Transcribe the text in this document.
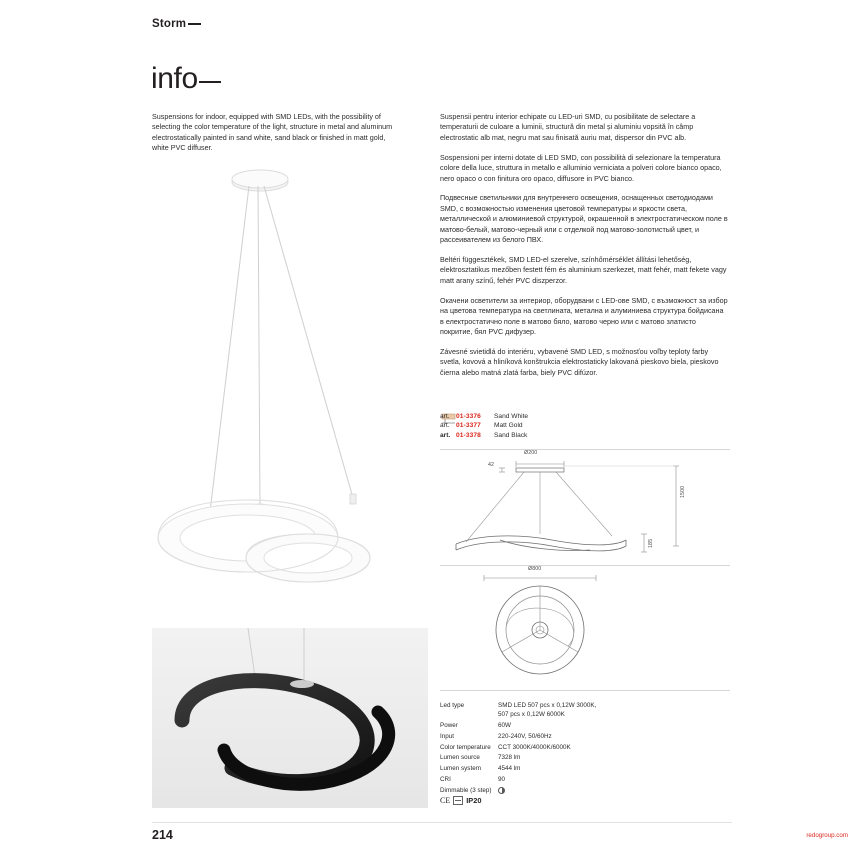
Storm
info

Suspensions for indoor, equipped with SMD LEDs, with the possibility of selecting the color temperature of the light, structure in metal and aluminum electrostatically painted in sand white, sand black or finished in matt gold, white PVC diffuser.

Suspensii pentru interior echipate cu LED-uri SMD, cu posibilitate de selectare a temperaturii de culoare a luminii, structură din metal și aluminiu vopsită în câmp electrostatic alb mat, negru mat sau finisată auriu mat, dispersor din PVC alb.

Sospensioni per interni dotate di LED SMD, con possibilità di selezionare la temperatura colore della luce, struttura in metallo e alluminio verniciata a polveri colore bianco opaco, nero opaco o con finitura oro opaco, diffusore in PVC bianco.

Подвесные светильники для внутреннего освещения, оснащенных светодиодами SMD, с возможностью изменения цветовой температуры и яркости света, металлической и алюминиевой структурой, окрашенной в электростатическом поле в матово-белый, матово-черный или с отделкой под матово-золотистый цвет, и рассеивателем из белого ПВХ.

Beltéri függesztékek, SMD LED-el szerelve, színhőmérséklet állítási lehetőség, elektrosztatikus mezőben festett fém és aluminium szerkezet, matt fehér, matt fekete vagy matt arany színű, fehér PVC diszperzor.

Окачени осветители за интериор, оборудвани с LED-ове SMD, с възможност за избор на цветова температура на светлината, метална и алуминиева структура бойдисана в електростатично поле в матово бяло, матово черно или с матово златисто покритие, бял PVC дифузер.

Závesné svietidlá do interiéru, vybavené SMD LED, s možnosťou voľby teploty farby svetla, kovová a hliníková konštrukcia elektrostaticky lakovaná pieskovo biela, pieskovo čierna alebo matná zlatá farba, biely PVC difúzor.

art. 01-3376	Sand White
art. 01-3377	Matt Gold
art. 01-3378	Sand Black
Ø200
42
1500
185
Ø800
Led type	SMD LED 507 pcs x 0,12W 3000K,
507 pcs x 0,12W 6000K

Power	60W
Input	220-240V, 50/60Hz
Color temperature	CCT 3000K/4000K/6000K
Lumen source	7328 lm
Lumen system	4544 lm
CRI	90
Dimmable (3 step)	
CE IP20
214	redogroup.com
